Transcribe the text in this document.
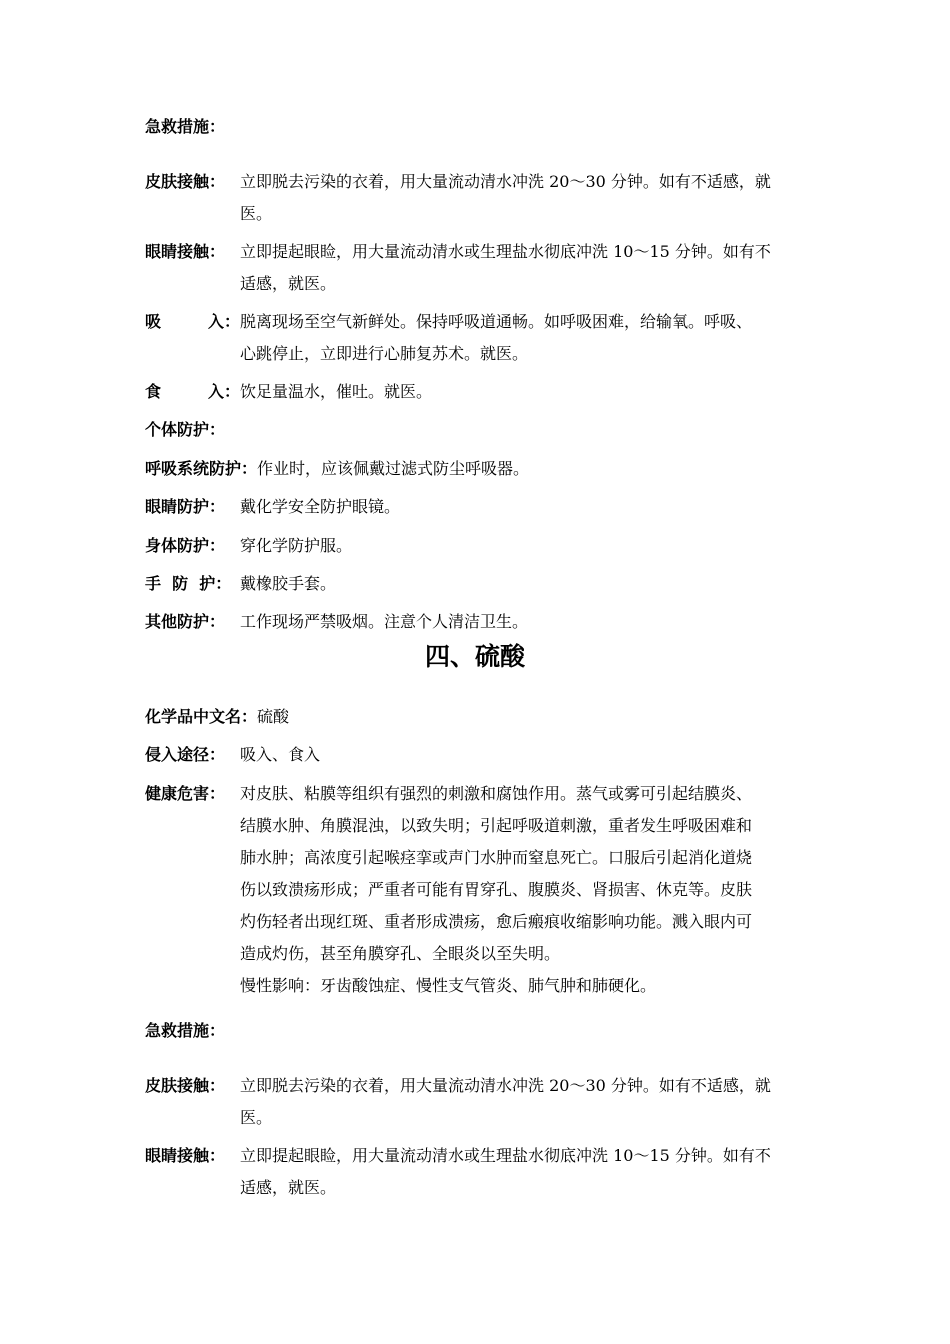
急救措施：
皮肤接触： 立即脱去污染的衣着，用大量流动清水冲洗 20～30 分钟。如有不适感，就
医。
眼睛接触： 立即提起眼睑，用大量流动清水或生理盐水彻底冲洗 10～15 分钟。如有不
适感，就医。
吸	入： 脱离现场至空气新鲜处。保持呼吸道通畅。如呼吸困难，给输氧。呼吸、
心跳停止，立即进行心肺复苏术。就医。
食	入： 饮足量温水，催吐。就医。
个体防护：
呼吸系统防护： 作业时，应该佩戴过滤式防尘呼吸器。
眼睛防护： 戴化学安全防护眼镜。
身体防护： 穿化学防护服。
手  防  护： 戴橡胶手套。
其他防护： 工作现场严禁吸烟。注意个人清洁卫生。
四、硫酸
化学品中文名： 硫酸
侵入途径： 吸入、食入
健康危害： 对皮肤、粘膜等组织有强烈的刺激和腐蚀作用。蒸气或雾可引起结膜炎、
结膜水肿、角膜混浊，以致失明；引起呼吸道刺激，重者发生呼吸困难和
肺水肿；高浓度引起喉痉挛或声门水肿而窒息死亡。口服后引起消化道烧
伤以致溃疡形成；严重者可能有胃穿孔、腹膜炎、肾损害、休克等。皮肤
灼伤轻者出现红斑、重者形成溃疡，愈后瘢痕收缩影响功能。溅入眼内可
造成灼伤，甚至角膜穿孔、全眼炎以至失明。
慢性影响：牙齿酸蚀症、慢性支气管炎、肺气肿和肺硬化。
急救措施：
皮肤接触： 立即脱去污染的衣着，用大量流动清水冲洗 20～30 分钟。如有不适感，就
医。
眼睛接触： 立即提起眼睑，用大量流动清水或生理盐水彻底冲洗 10～15 分钟。如有不
适感，就医。
